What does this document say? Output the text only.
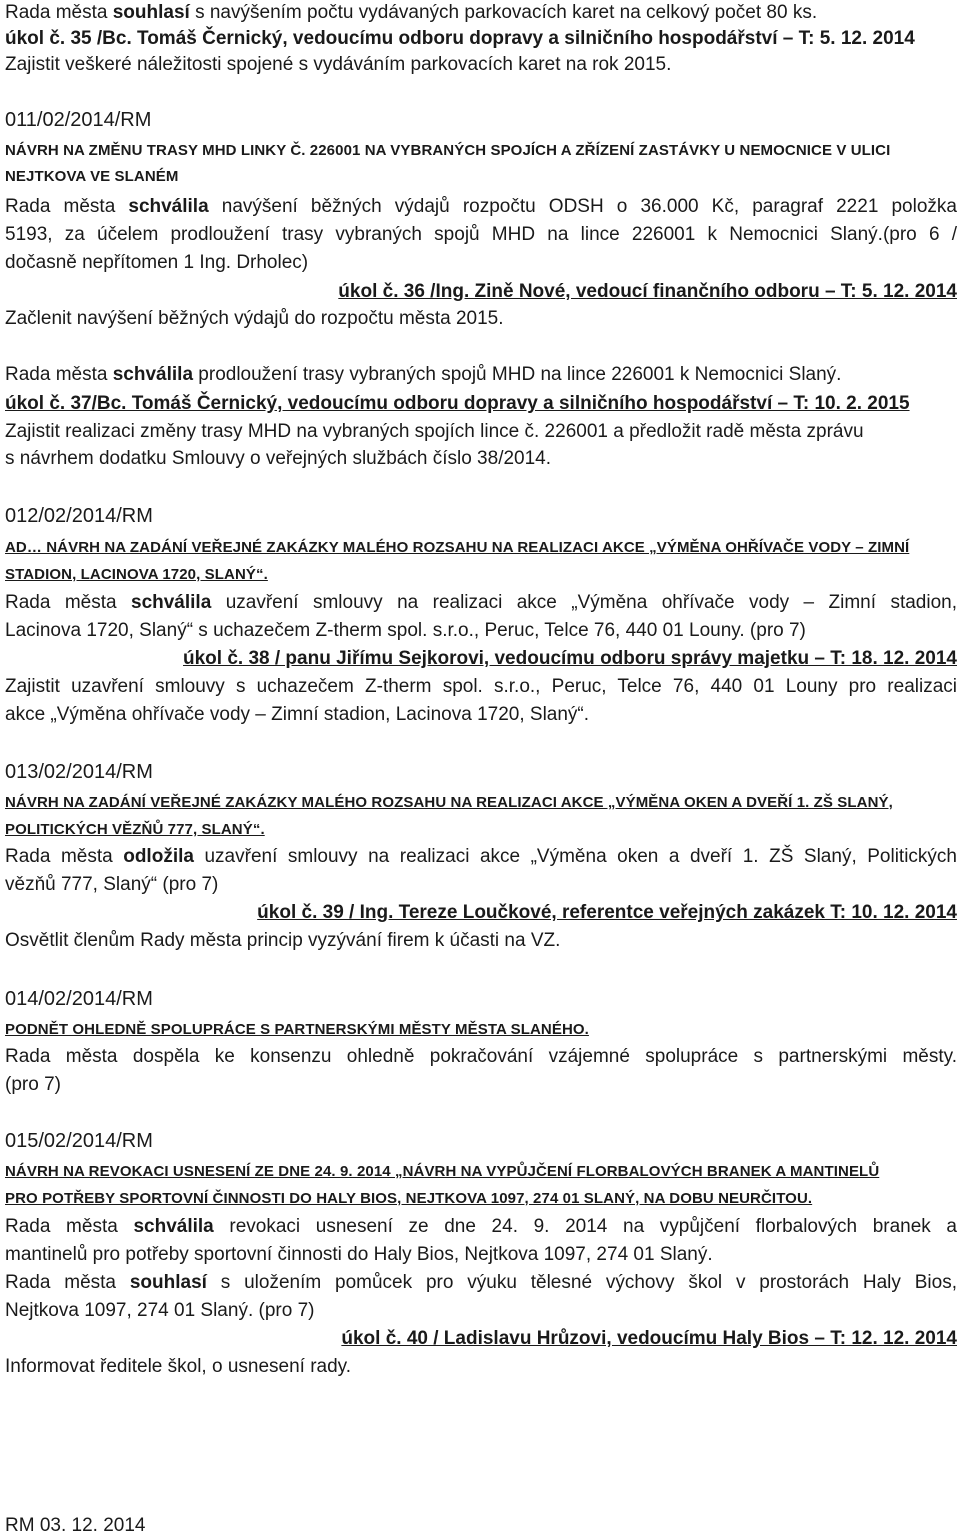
Rada města souhlasí s navýšením počtu vydávaných parkovacích karet na celkový počet 80 ks.
úkol č. 35 /Bc. Tomáš Černický, vedoucímu odboru dopravy a silničního hospodářství – T: 5. 12. 2014
Zajistit veškeré náležitosti spojené s vydáváním parkovacích karet na rok 2015.
011/02/2014/RM
NÁVRH NA ZMĚNU TRASY MHD LINKY Č. 226001 NA VYBRANÝCH SPOJÍCH A ZŘÍZENÍ ZASTÁVKY U NEMOCNICE V ULICI
NEJTKOVA VE SLANÉM
Rada města schválila navýšení běžných výdajů rozpočtu ODSH o 36.000 Kč, paragraf 2221 položka
5193, za účelem prodloužení trasy vybraných spojů MHD na lince 226001 k Nemocnici Slaný.(pro 6 /
dočasně nepřítomen 1 Ing. Drholec)
úkol č. 36 /Ing. Zině Nové, vedoucí finančního odboru – T: 5. 12. 2014
Začlenit navýšení běžných výdajů do rozpočtu města 2015.
Rada města schválila prodloužení trasy vybraných spojů MHD na lince 226001 k Nemocnici Slaný.
úkol č. 37/Bc. Tomáš Černický, vedoucímu odboru dopravy a silničního hospodářství – T: 10. 2. 2015
Zajistit realizaci změny trasy MHD na vybraných spojích lince č. 226001 a předložit radě města zprávu
s návrhem dodatku Smlouvy o veřejných službách číslo 38/2014.
012/02/2014/RM
AD… NÁVRH NA ZADÁNÍ VEŘEJNÉ ZAKÁZKY MALÉHO ROZSAHU NA REALIZACI AKCE „VÝMĚNA OHŘÍVAČE VODY – ZIMNÍ
STADION, LACINOVA 1720, SLANÝ“.
Rada města schválila uzavření smlouvy na realizaci akce „Výměna ohřívače vody – Zimní stadion,
Lacinova 1720, Slaný“ s uchazečem Z-therm spol. s.r.o., Peruc, Telce 76, 440 01 Louny. (pro 7)
úkol č. 38 / panu Jiřímu Sejkorovi, vedoucímu odboru správy majetku – T: 18. 12. 2014
Zajistit uzavření smlouvy s uchazečem Z-therm spol. s.r.o., Peruc, Telce 76, 440 01 Louny pro realizaci
akce „Výměna ohřívače vody – Zimní stadion, Lacinova 1720, Slaný“.
013/02/2014/RM
NÁVRH NA ZADÁNÍ VEŘEJNÉ ZAKÁZKY MALÉHO ROZSAHU NA REALIZACI AKCE „VÝMĚNA OKEN A DVEŘÍ 1. ZŠ SLANÝ,
POLITICKÝCH VĚZŇŮ 777, SLANÝ“.
Rada města odložila uzavření smlouvy na realizaci akce „Výměna oken a dveří 1. ZŠ Slaný, Politických
vězňů 777, Slaný“ (pro 7)
úkol č. 39 / Ing. Tereze Loučkové, referentce veřejných zakázek T: 10. 12. 2014
Osvětlit členům Rady města princip vyzývání firem k účasti na VZ.
014/02/2014/RM
PODNĚT OHLEDNĚ SPOLUPRÁCE S PARTNERSKÝMI MĚSTY MĚSTA SLANÉHO.
Rada města dospěla ke konsenzu ohledně pokračování vzájemné spolupráce s partnerskými městy.
(pro 7)
015/02/2014/RM
NÁVRH NA REVOKACI USNESENÍ ZE DNE 24. 9. 2014 „NÁVRH NA VYPŮJČENÍ FLORBALOVÝCH BRANEK A MANTINELŮ
PRO POTŘEBY SPORTOVNÍ ČINNOSTI DO HALY BIOS, NEJTKOVA 1097, 274 01 SLANÝ, NA DOBU NEURČITOU.
Rada města schválila revokaci usnesení ze dne 24. 9. 2014 na vypůjčení florbalových branek a
mantinelů pro potřeby sportovní činnosti do Haly Bios, Nejtkova 1097, 274 01 Slaný.
Rada města souhlasí s uložením pomůcek pro výuku tělesné výchovy škol v prostorách Haly Bios,
Nejtkova 1097, 274 01 Slaný. (pro 7)
úkol č. 40 / Ladislavu Hrůzovi, vedoucímu Haly Bios – T: 12. 12. 2014
Informovat ředitele škol, o usnesení rady.
RM 03. 12. 2014
